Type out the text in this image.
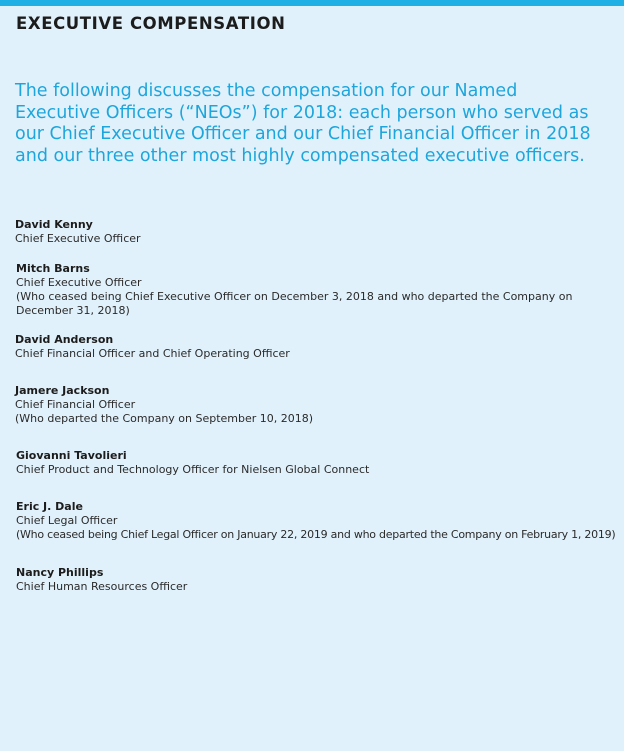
EXECUTIVE COMPENSATION

The following discusses the compensation for our Named Executive Officers (“NEOs”) for 2018: each person who served as our Chief Executive Officer and our Chief Financial Officer in 2018 and our three other most highly compensated executive officers.

David Kenny
Chief Executive Officer
Mitch Barns
Chief Executive Officer
(Who ceased being Chief Executive Officer on December 3, 2018 and who departed the Company on December 31, 2018)
David Anderson
Chief Financial Officer and Chief Operating Officer
Jamere Jackson
Chief Financial Officer
(Who departed the Company on September 10, 2018)
Giovanni Tavolieri
Chief Product and Technology Officer for Nielsen Global Connect
Eric J. Dale
Chief Legal Officer
(Who ceased being Chief Legal Officer on January 22, 2019 and who departed the Company on February 1, 2019)
Nancy Phillips
Chief Human Resources Officer
